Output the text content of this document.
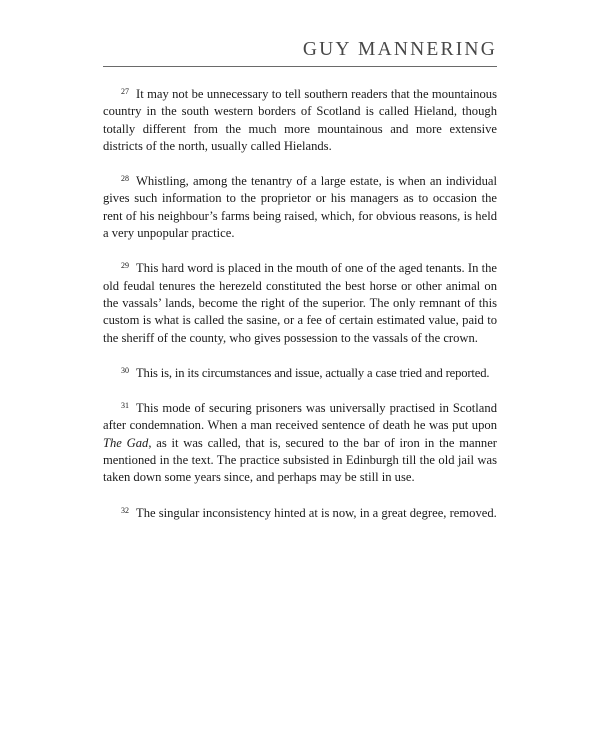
GUY MANNERING

$^{27}$ It may not be unnecessary to tell southern readers that the mountainous country in the south western borders of Scotland is called Hieland, though totally different from the much more mountainous and more extensive districts of the north, usually called Hielands.

$^{28}$ Whistling, among the tenantry of a large estate, is when an individual gives such information to the proprietor or his managers as to occasion the rent of his neighbour’s farms being raised, which, for obvious reasons, is held a very unpopular practice.

$^{29}$ This hard word is placed in the mouth of one of the aged tenants. In the old feudal tenures the herezeld constituted the best horse or other animal on the vassals’ lands, become the right of the superior. The only remnant of this custom is what is called the sasine, or a fee of certain estimated value, paid to the sheriff of the county, who gives possession to the vassals of the crown.

$^{30}$ This is, in its circumstances and issue, actually a case tried and reported.

$^{31}$ This mode of securing prisoners was universally practised in Scotland after condemnation. When a man received sentence of death he was put upon The Gad, as it was called, that is, secured to the bar of iron in the manner mentioned in the text. The practice subsisted in Edinburgh till the old jail was taken down some years since, and perhaps may be still in use.

$^{32}$ The singular inconsistency hinted at is now, in a great degree, removed.
